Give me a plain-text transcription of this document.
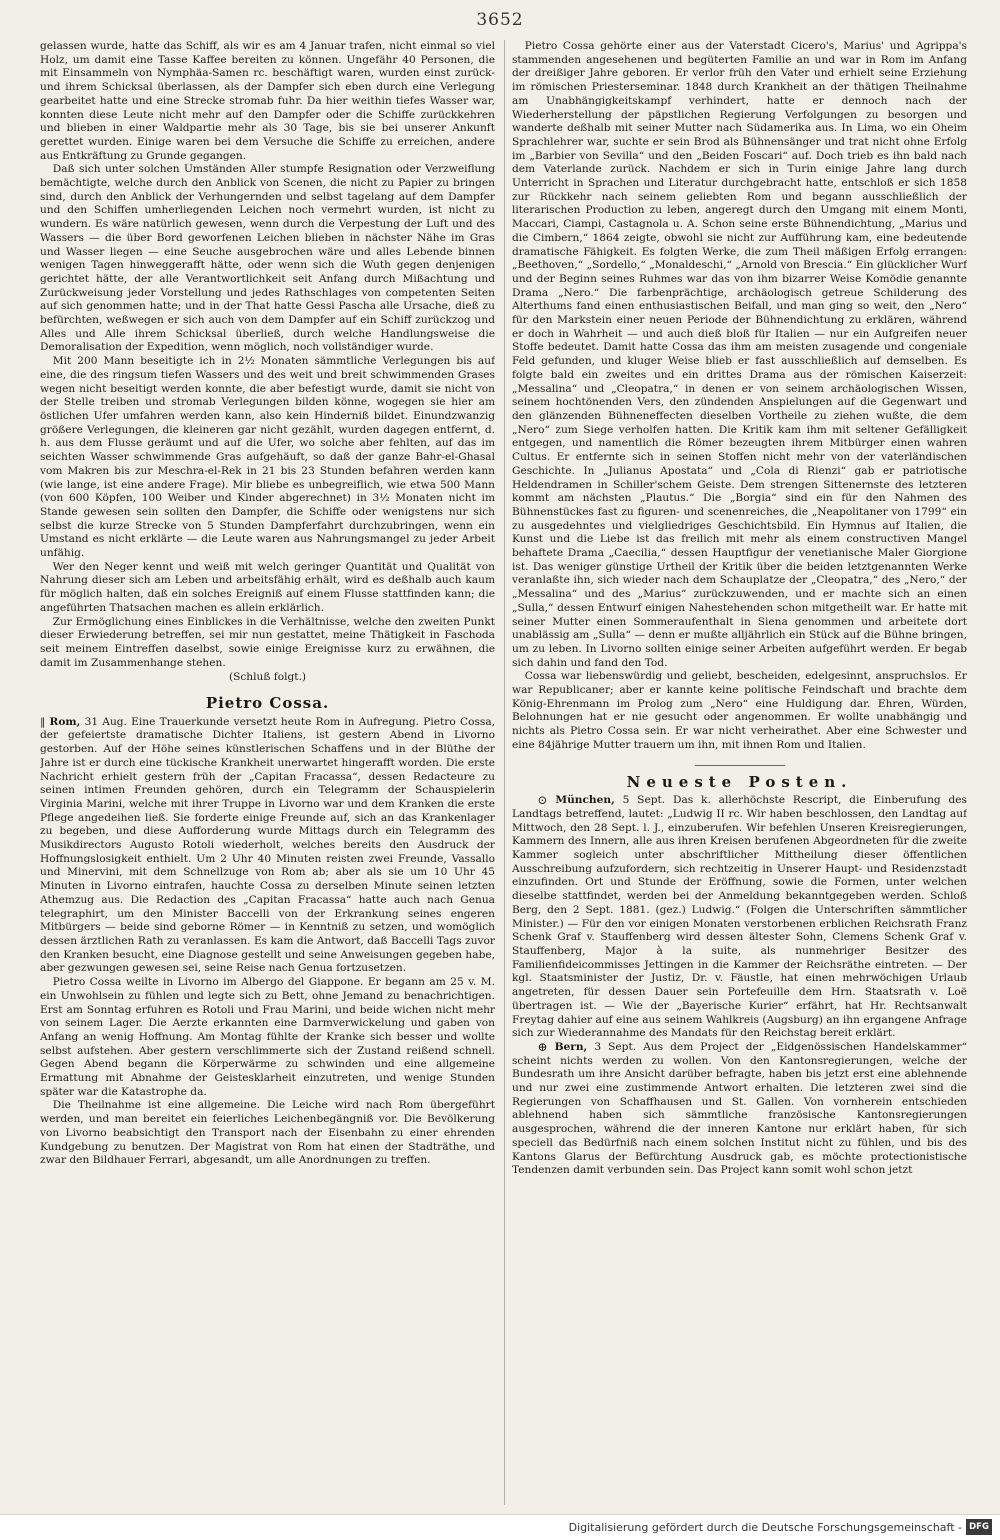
3652

gelassen wurde, hatte das Schiff, als wir es am 4 Januar trafen, nicht einmal so viel Holz, um damit eine Tasse Kaffee bereiten zu können. Ungefähr 40 Personen, die mit Einsammeln von Nymphäa-Samen rc. beschäftigt waren, wurden einst zurück- und ihrem Schicksal überlassen, als der Dampfer sich eben durch eine Verlegung gearbeitet hatte und eine Strecke stromab fuhr. Da hier weithin tiefes Wasser war, konnten diese Leute nicht mehr auf den Dampfer oder die Schiffe zurückkehren und blieben in einer Waldpartie mehr als 30 Tage, bis sie bei unserer Ankunft gerettet wurden. Einige waren bei dem Versuche die Schiffe zu erreichen, andere aus Entkräftung zu Grunde gegangen.

Daß sich unter solchen Umständen Aller stumpfe Resignation oder Verzweiflung bemächtigte, welche durch den Anblick von Scenen, die nicht zu Papier zu bringen sind, durch den Anblick der Verhungernden und selbst tagelang auf dem Dampfer und den Schiffen umherliegenden Leichen noch vermehrt wurden, ist nicht zu wundern. Es wäre natürlich gewesen, wenn durch die Verpestung der Luft und des Wassers — die über Bord geworfenen Leichen blieben in nächster Nähe im Gras und Wasser liegen — eine Seuche ausgebrochen wäre und alles Lebende binnen wenigen Tagen hinweggerafft hätte, oder wenn sich die Wuth gegen denjenigen gerichtet hätte, der alle Verantwortlichkeit seit Anfang durch Mißachtung und Zurückweisung jeder Vorstellung und jedes Rathschlages von competenten Seiten auf sich genommen hatte; und in der That hatte Gessi Pascha alle Ursache, dieß zu befürchten, weßwegen er sich auch von dem Dampfer auf ein Schiff zurückzog und Alles und Alle ihrem Schicksal überließ, durch welche Handlungsweise die Demoralisation der Expedition, wenn möglich, noch vollständiger wurde.

Mit 200 Mann beseitigte ich in 2½ Monaten sämmtliche Verlegungen bis auf eine, die des ringsum tiefen Wassers und des weit und breit schwimmenden Grases wegen nicht beseitigt werden konnte, die aber befestigt wurde, damit sie nicht von der Stelle treiben und stromab Verlegungen bilden könne, wogegen sie hier am östlichen Ufer umfahren werden kann, also kein Hinderniß bildet. Einundzwanzig größere Verlegungen, die kleineren gar nicht gezählt, wurden dagegen entfernt, d. h. aus dem Flusse geräumt und auf die Ufer, wo solche aber fehlten, auf das im seichten Wasser schwimmende Gras aufgehäuft, so daß der ganze Bahr-el-Ghasal vom Makren bis zur Meschra-el-Rek in 21 bis 23 Stunden befahren werden kann (wie lange, ist eine andere Frage). Mir bliebe es unbegreiflich, wie etwa 500 Mann (von 600 Köpfen, 100 Weiber und Kinder abgerechnet) in 3½ Monaten nicht im Stande gewesen sein sollten den Dampfer, die Schiffe oder wenigstens nur sich selbst die kurze Strecke von 5 Stunden Dampferfahrt durchzubringen, wenn ein Umstand es nicht erklärte — die Leute waren aus Nahrungsmangel zu jeder Arbeit unfähig.

Wer den Neger kennt und weiß mit welch geringer Quantität und Qualität von Nahrung dieser sich am Leben und arbeitsfähig erhält, wird es deßhalb auch kaum für möglich halten, daß ein solches Ereigniß auf einem Flusse stattfinden kann; die angeführten Thatsachen machen es allein erklärlich.

Zur Ermöglichung eines Einblickes in die Verhältnisse, welche den zweiten Punkt dieser Erwiederung betreffen, sei mir nun gestattet, meine Thätigkeit in Faschoda seit meinem Eintreffen daselbst, sowie einige Ereignisse kurz zu erwähnen, die damit im Zusammenhange stehen.

(Schluß folgt.)
Pietro Cossa.

‖ Rom, 31 Aug. Eine Trauerkunde versetzt heute Rom in Aufregung. Pietro Cossa, der gefeiertste dramatische Dichter Italiens, ist gestern Abend in Livorno gestorben. Auf der Höhe seines künstlerischen Schaffens und in der Blüthe der Jahre ist er durch eine tückische Krankheit unerwartet hingerafft worden. Die erste Nachricht erhielt gestern früh der „Capitan Fracassa“, dessen Redacteure zu seinen intimen Freunden gehören, durch ein Telegramm der Schauspielerin Virginia Marini, welche mit ihrer Truppe in Livorno war und dem Kranken die erste Pflege angedeihen ließ. Sie forderte einige Freunde auf, sich an das Krankenlager zu begeben, und diese Aufforderung wurde Mittags durch ein Telegramm des Musikdirectors Augusto Rotoli wiederholt, welches bereits den Ausdruck der Hoffnungslosigkeit enthielt. Um 2 Uhr 40 Minuten reisten zwei Freunde, Vassallo und Minervini, mit dem Schnellzuge von Rom ab; aber als sie um 10 Uhr 45 Minuten in Livorno eintrafen, hauchte Cossa zu derselben Minute seinen letzten Athemzug aus. Die Redaction des „Capitan Fracassa“ hatte auch nach Genua telegraphirt, um den Minister Baccelli von der Erkrankung seines engeren Mitbürgers — beide sind geborne Römer — in Kenntniß zu setzen, und womöglich dessen ärztlichen Rath zu veranlassen. Es kam die Antwort, daß Baccelli Tags zuvor den Kranken besucht, eine Diagnose gestellt und seine Anweisungen gegeben habe, aber gezwungen gewesen sei, seine Reise nach Genua fortzusetzen.

Pietro Cossa weilte in Livorno im Albergo del Giappone. Er begann am 25 v. M. ein Unwohlsein zu fühlen und legte sich zu Bett, ohne Jemand zu benachrichtigen. Erst am Sonntag erfuhren es Rotoli und Frau Marini, und beide wichen nicht mehr von seinem Lager. Die Aerzte erkannten eine Darmverwickelung und gaben von Anfang an wenig Hoffnung. Am Montag fühlte der Kranke sich besser und wollte selbst aufstehen. Aber gestern verschlimmerte sich der Zustand reißend schnell. Gegen Abend begann die Körperwärme zu schwinden und eine allgemeine Ermattung mit Abnahme der Geistesklarheit einzutreten, und wenige Stunden später war die Katastrophe da.

Die Theilnahme ist eine allgemeine. Die Leiche wird nach Rom übergeführt werden, und man bereitet ein feierliches Leichenbegängniß vor. Die Bevölkerung von Livorno beabsichtigt den Transport nach der Eisenbahn zu einer ehrenden Kundgebung zu benutzen. Der Magistrat von Rom hat einen der Stadträthe, und zwar den Bildhauer Ferrari, abgesandt, um alle Anordnungen zu treffen.

Pietro Cossa gehörte einer aus der Vaterstadt Cicero's, Marius' und Agrippa's stammenden angesehenen und begüterten Familie an und war in Rom im Anfang der dreißiger Jahre geboren. Er verlor früh den Vater und erhielt seine Erziehung im römischen Priesterseminar. 1848 durch Krankheit an der thätigen Theilnahme am Unabhängigkeitskampf verhindert, hatte er dennoch nach der Wiederherstellung der päpstlichen Regierung Verfolgungen zu besorgen und wanderte deßhalb mit seiner Mutter nach Südamerika aus. In Lima, wo ein Oheim Sprachlehrer war, suchte er sein Brod als Bühnensänger und trat nicht ohne Erfolg im „Barbier von Sevilla“ und den „Beiden Foscari“ auf. Doch trieb es ihn bald nach dem Vaterlande zurück. Nachdem er sich in Turin einige Jahre lang durch Unterricht in Sprachen und Literatur durchgebracht hatte, entschloß er sich 1858 zur Rückkehr nach seinem geliebten Rom und begann ausschließlich der literarischen Production zu leben, angeregt durch den Umgang mit einem Monti, Maccari, Ciampi, Castagnola u. A. Schon seine erste Bühnendichtung, „Marius und die Cimbern,“ 1864 zeigte, obwohl sie nicht zur Aufführung kam, eine bedeutende dramatische Fähigkeit. Es folgten Werke, die zum Theil mäßigen Erfolg errangen: „Beethoven,“ „Sordello,“ „Monaldeschi,“ „Arnold von Brescia.“ Ein glücklicher Wurf und der Beginn seines Ruhmes war das von ihm bizarrer Weise Komödie genannte Drama „Nero.“ Die farbenprächtige, archäologisch getreue Schilderung des Alterthums fand einen enthusiastischen Beifall, und man ging so weit, den „Nero“ für den Markstein einer neuen Periode der Bühnendichtung zu erklären, während er doch in Wahrheit — und auch dieß bloß für Italien — nur ein Aufgreifen neuer Stoffe bedeutet. Damit hatte Cossa das ihm am meisten zusagende und congeniale Feld gefunden, und kluger Weise blieb er fast ausschließlich auf demselben. Es folgte bald ein zweites und ein drittes Drama aus der römischen Kaiserzeit: „Messalina“ und „Cleopatra,“ in denen er von seinem archäologischen Wissen, seinem hochtönenden Vers, den zündenden Anspielungen auf die Gegenwart und den glänzenden Bühneneffecten dieselben Vortheile zu ziehen wußte, die dem „Nero“ zum Siege verholfen hatten. Die Kritik kam ihm mit seltener Gefälligkeit entgegen, und namentlich die Römer bezeugten ihrem Mitbürger einen wahren Cultus. Er entfernte sich in seinen Stoffen nicht mehr von der vaterländischen Geschichte. In „Julianus Apostata“ und „Cola di Rienzi“ gab er patriotische Heldendramen in Schiller'schem Geiste. Dem strengen Sittenernste des letzteren kommt am nächsten „Plautus.“ Die „Borgia“ sind ein für den Nahmen des Bühnenstückes fast zu figuren- und scenenreiches, die „Neapolitaner von 1799“ ein zu ausgedehntes und vielgliedriges Geschichtsbild. Ein Hymnus auf Italien, die Kunst und die Liebe ist das freilich mit mehr als einem constructiven Mangel behaftete Drama „Caecilia,“ dessen Hauptfigur der venetianische Maler Giorgione ist. Das weniger günstige Urtheil der Kritik über die beiden letztgenannten Werke veranlaßte ihn, sich wieder nach dem Schauplatze der „Cleopatra,“ des „Nero,“ der „Messalina“ und des „Marius“ zurückzuwenden, und er machte sich an einen „Sulla,“ dessen Entwurf einigen Nahestehenden schon mitgetheilt war. Er hatte mit seiner Mutter einen Sommeraufenthalt in Siena genommen und arbeitete dort unablässig am „Sulla“ — denn er mußte alljährlich ein Stück auf die Bühne bringen, um zu leben. In Livorno sollten einige seiner Arbeiten aufgeführt werden. Er begab sich dahin und fand den Tod.

Cossa war liebenswürdig und geliebt, bescheiden, edelgesinnt, anspruchslos. Er war Republicaner; aber er kannte keine politische Feindschaft und brachte dem König-Ehrenmann im Prolog zum „Nero“ eine Huldigung dar. Ehren, Würden, Belohnungen hat er nie gesucht oder angenommen. Er wollte unabhängig und nichts als Pietro Cossa sein. Er war nicht verheirathet. Aber eine Schwester und eine 84jährige Mutter trauern um ihn, mit ihnen Rom und Italien.

Neueste Posten.

⊙ München, 5 Sept. Das k. allerhöchste Rescript, die Einberufung des Landtags betreffend, lautet: „Ludwig II rc. Wir haben beschlossen, den Landtag auf Mittwoch, den 28 Sept. l. J., einzuberufen. Wir befehlen Unseren Kreisregierungen, Kammern des Innern, alle aus ihren Kreisen berufenen Abgeordneten für die zweite Kammer sogleich unter abschriftlicher Mittheilung dieser öffentlichen Ausschreibung aufzufordern, sich rechtzeitig in Unserer Haupt- und Residenzstadt einzufinden. Ort und Stunde der Eröffnung, sowie die Formen, unter welchen dieselbe stattfindet, werden bei der Anmeldung bekanntgegeben werden. Schloß Berg, den 2 Sept. 1881. (gez.) Ludwig.“ (Folgen die Unterschriften sämmtlicher Minister.) — Für den vor einigen Monaten verstorbenen erblichen Reichsrath Franz Schenk Graf v. Stauffenberg wird dessen ältester Sohn, Clemens Schenk Graf v. Stauffenberg, Major à la suite, als nunmehriger Besitzer des Familienfideicommisses Jettingen in die Kammer der Reichsräthe eintreten. — Der kgl. Staatsminister der Justiz, Dr. v. Fäustle, hat einen mehrwöchigen Urlaub angetreten, für dessen Dauer sein Portefeuille dem Hrn. Staatsrath v. Loë übertragen ist. — Wie der „Bayerische Kurier“ erfährt, hat Hr. Rechtsanwalt Freytag dahier auf eine aus seinem Wahlkreis (Augsburg) an ihn ergangene Anfrage sich zur Wiederannahme des Mandats für den Reichstag bereit erklärt.

⊕ Bern, 3 Sept. Aus dem Project der „Eidgenössischen Handelskammer“ scheint nichts werden zu wollen. Von den Kantonsregierungen, welche der Bundesrath um ihre Ansicht darüber befragte, haben bis jetzt erst eine ablehnende und nur zwei eine zustimmende Antwort erhalten. Die letzteren zwei sind die Regierungen von Schaffhausen und St. Gallen. Von vornherein entschieden ablehnend haben sich sämmtliche französische Kantonsregierungen ausgesprochen, während die der inneren Kantone nur erklärt haben, für sich speciell das Bedürfniß nach einem solchen Institut nicht zu fühlen, und bis des Kantons Glarus der Befürchtung Ausdruck gab, es möchte protectionistische Tendenzen damit verbunden sein. Das Project kann somit wohl schon jetzt

Digitalisierung gefördert durch die Deutsche Forschungsgemeinschaft - DFG
